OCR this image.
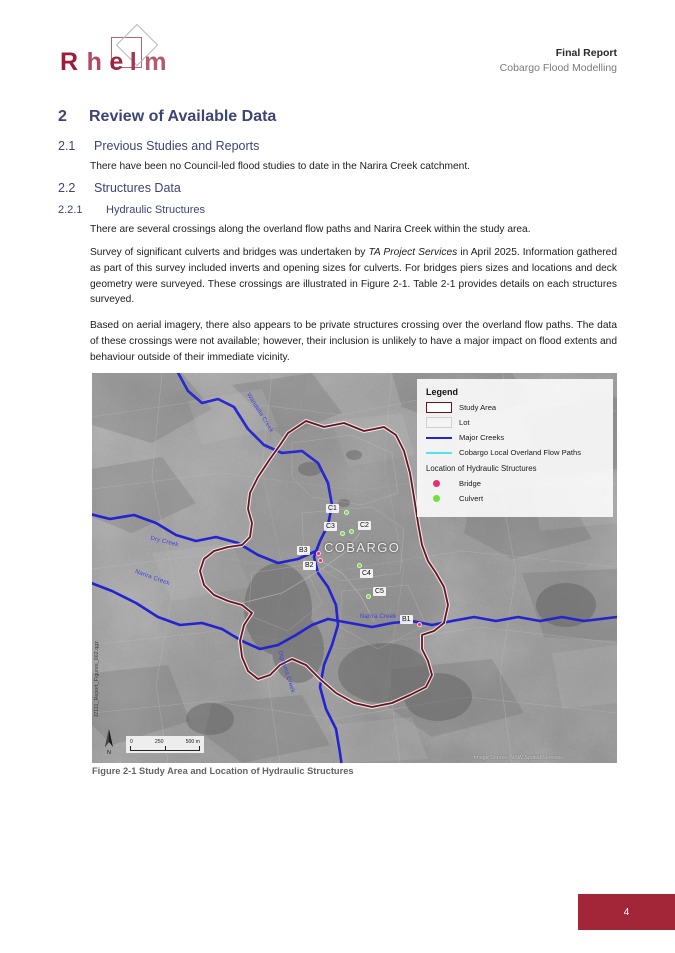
R h e l m	Final Report
Cobargo Flood Modelling
2	Review of Available Data
2.1	Previous Studies and Reports
There have been no Council-led flood studies to date in the Narira Creek catchment.
2.2	Structures Data
2.2.1	Hydraulic Structures
There are several crossings along the overland flow paths and Narira Creek within the study area.
Survey of significant culverts and bridges was undertaken by TA Project Services in April 2025. Information gathered as part of this survey included inverts and opening sizes for culverts. For bridges piers sizes and locations and deck geometry were surveyed. These crossings are illustrated in Figure 2-1. Table 2-1 provides details on each structures surveyed.
Based on aerial imagery, there also appears to be private structures crossing over the overland flow paths. The data of these crossings were not available; however, their inclusion is unlikely to have a major impact on flood extents and behaviour outside of their immediate vicinity.
Wandella Creek
Dry Creek
Narira Creek
Narira Creek
Dignams Creek
COBARGO
C1
C2
C3
C4
C5
B1
B2
B3
Legend
Study Area
Lot
Major Creeks
Cobargo Local Overland Flow Paths
Location of Hydraulic Structures
Bridge
Culvert
J2111_Report_Figures_002.qgz
N
0	250	500 m
Image Source: NSW Spatial Services
Figure 2-1 Study Area and Location of Hydraulic Structures
4
